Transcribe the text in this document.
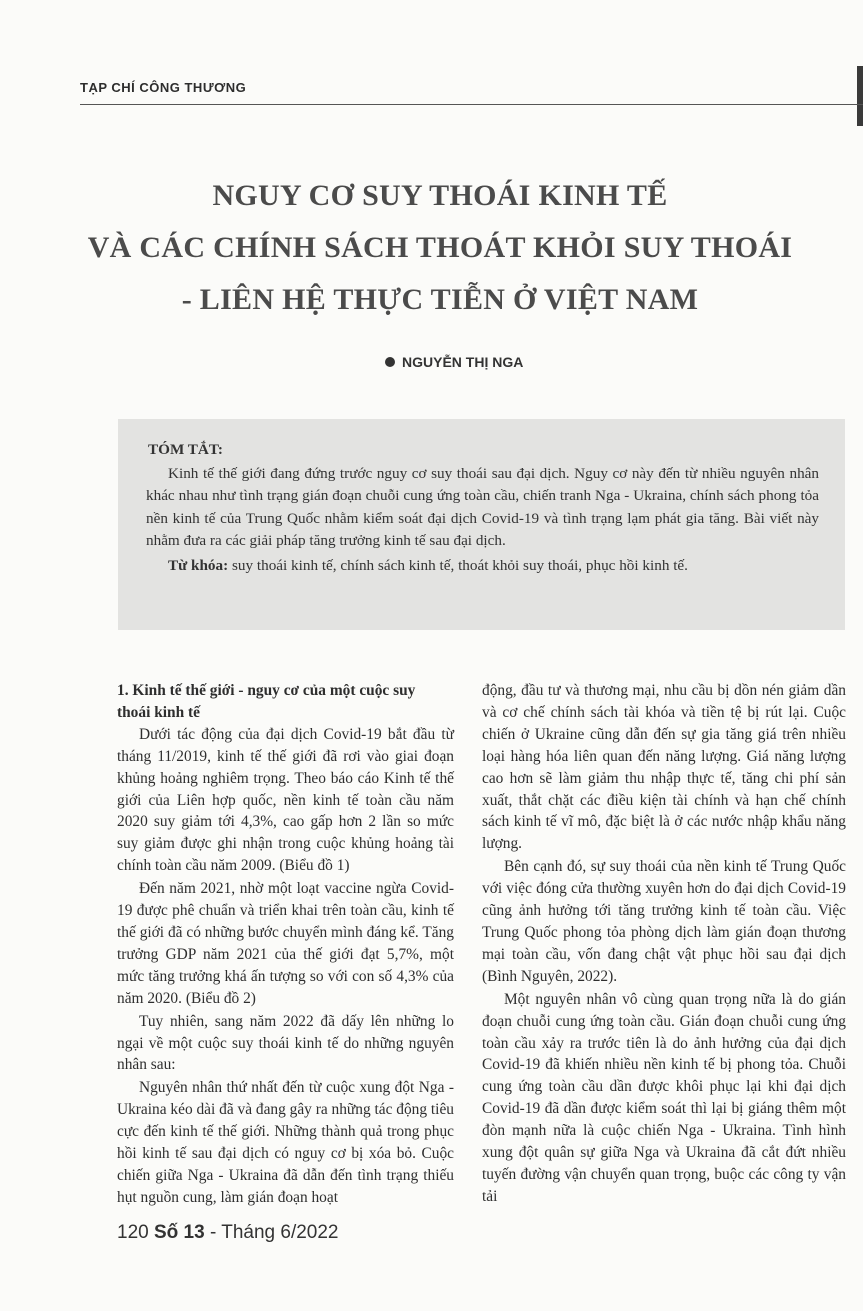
TẠP CHÍ CÔNG THƯƠNG
NGUY CƠ SUY THOÁI KINH TẾ
VÀ CÁC CHÍNH SÁCH THOÁT KHỎI SUY THOÁI
- LIÊN HỆ THỰC TIỄN Ở VIỆT NAM
NGUYỄN THỊ NGA
TÓM TẮT:
Kinh tế thế giới đang đứng trước nguy cơ suy thoái sau đại dịch. Nguy cơ này đến từ nhiều nguyên nhân khác nhau như tình trạng gián đoạn chuỗi cung ứng toàn cầu, chiến tranh Nga - Ukraina, chính sách phong tỏa nền kinh tế của Trung Quốc nhằm kiểm soát đại dịch Covid-19 và tình trạng lạm phát gia tăng. Bài viết này nhằm đưa ra các giải pháp tăng trưởng kinh tế sau đại dịch.
Từ khóa: suy thoái kinh tế, chính sách kinh tế, thoát khỏi suy thoái, phục hồi kinh tế.
1. Kinh tế thế giới - nguy cơ của một cuộc suy
thoái kinh tế

Dưới tác động của đại dịch Covid-19 bắt đầu từ tháng 11/2019, kinh tế thế giới đã rơi vào giai đoạn khủng hoảng nghiêm trọng. Theo báo cáo Kinh tế thế giới của Liên hợp quốc, nền kinh tế toàn cầu năm 2020 suy giảm tới 4,3%, cao gấp hơn 2 lần so mức suy giảm được ghi nhận trong cuộc khủng hoảng tài chính toàn cầu năm 2009. (Biểu đồ 1)

Đến năm 2021, nhờ một loạt vaccine ngừa Covid-19 được phê chuẩn và triển khai trên toàn cầu, kinh tế thế giới đã có những bước chuyển mình đáng kể. Tăng trưởng GDP năm 2021 của thế giới đạt 5,7%, một mức tăng trưởng khá ấn tượng so với con số 4,3% của năm 2020. (Biểu đồ 2)

Tuy nhiên, sang năm 2022 đã dấy lên những lo ngại về một cuộc suy thoái kinh tế do những nguyên nhân sau:

Nguyên nhân thứ nhất đến từ cuộc xung đột Nga - Ukraina kéo dài đã và đang gây ra những tác động tiêu cực đến kinh tế thế giới. Những thành quả trong phục hồi kinh tế sau đại dịch có nguy cơ bị xóa bỏ. Cuộc chiến giữa Nga - Ukraina đã dẫn đến tình trạng thiếu hụt nguồn cung, làm gián đoạn hoạt

động, đầu tư và thương mại, nhu cầu bị dồn nén giảm dần và cơ chế chính sách tài khóa và tiền tệ bị rút lại. Cuộc chiến ở Ukraine cũng dẫn đến sự gia tăng giá trên nhiều loại hàng hóa liên quan đến năng lượng. Giá năng lượng cao hơn sẽ làm giảm thu nhập thực tế, tăng chi phí sản xuất, thắt chặt các điều kiện tài chính và hạn chế chính sách kinh tế vĩ mô, đặc biệt là ở các nước nhập khẩu năng lượng.

Bên cạnh đó, sự suy thoái của nền kinh tế Trung Quốc với việc đóng cửa thường xuyên hơn do đại dịch Covid-19 cũng ảnh hưởng tới tăng trưởng kinh tế toàn cầu. Việc Trung Quốc phong tỏa phòng dịch làm gián đoạn thương mại toàn cầu, vốn đang chật vật phục hồi sau đại dịch (Bình Nguyên, 2022).

Một nguyên nhân vô cùng quan trọng nữa là do gián đoạn chuỗi cung ứng toàn cầu. Gián đoạn chuỗi cung ứng toàn cầu xảy ra trước tiên là do ảnh hưởng của đại dịch Covid-19 đã khiến nhiều nền kinh tế bị phong tỏa. Chuỗi cung ứng toàn cầu dần được khôi phục lại khi đại dịch Covid-19 đã dần được kiểm soát thì lại bị giáng thêm một đòn mạnh nữa là cuộc chiến Nga - Ukraina. Tình hình xung đột quân sự giữa Nga và Ukraina đã cắt đứt nhiều tuyến đường vận chuyển quan trọng, buộc các công ty vận tải

120 Số 13 - Tháng 6/2022
